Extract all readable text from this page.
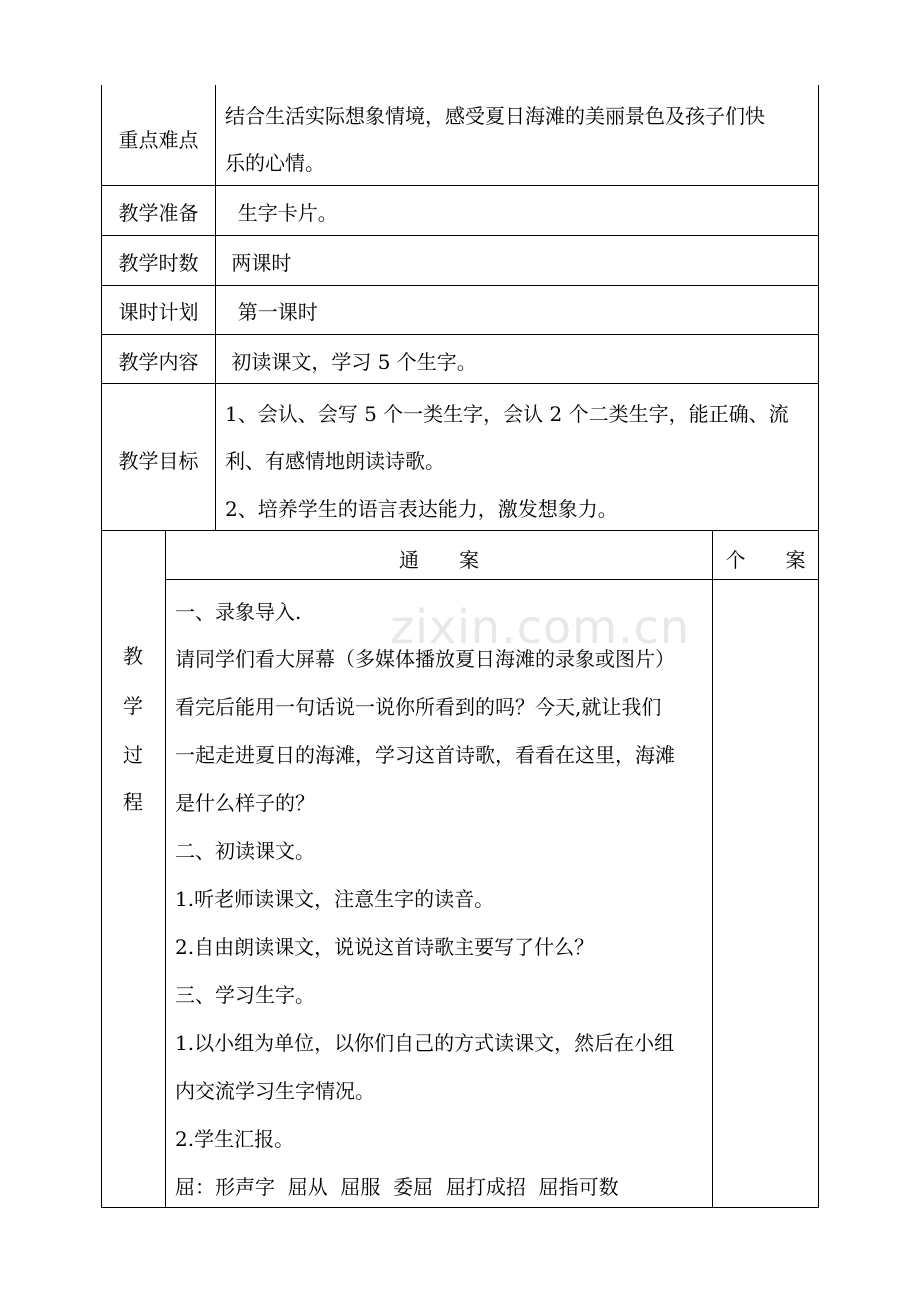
重点难点
教学准备
教学时数
课时计划
教学内容
教学目标
结合生活实际想象情境，感受夏日海滩的美丽景色及孩子们快
乐的心情。
生字卡片。
两课时
第一课时
初读课文，学习 5 个生字。
1、会认、会写 5 个一类生字，会认 2 个二类生字，能正确、流
利、有感情地朗读诗歌。
2、培养学生的语言表达能力，激发想象力。
教
学
过
程
通　　案	个　　案
zixin.com.cn
一、录象导入.
请同学们看大屏幕（多媒体播放夏日海滩的录象或图片）
看完后能用一句话说一说你所看到的吗？今天,就让我们
一起走进夏日的海滩，学习这首诗歌，看看在这里，海滩
是什么样子的？
二、初读课文。
1.听老师读课文，注意生字的读音。
2.自由朗读课文，说说这首诗歌主要写了什么？
三、学习生字。
1.以小组为单位，以你们自己的方式读课文，然后在小组
内交流学习生字情况。
2.学生汇报。
屈：形声字  屈从  屈服  委屈  屈打成招  屈指可数
